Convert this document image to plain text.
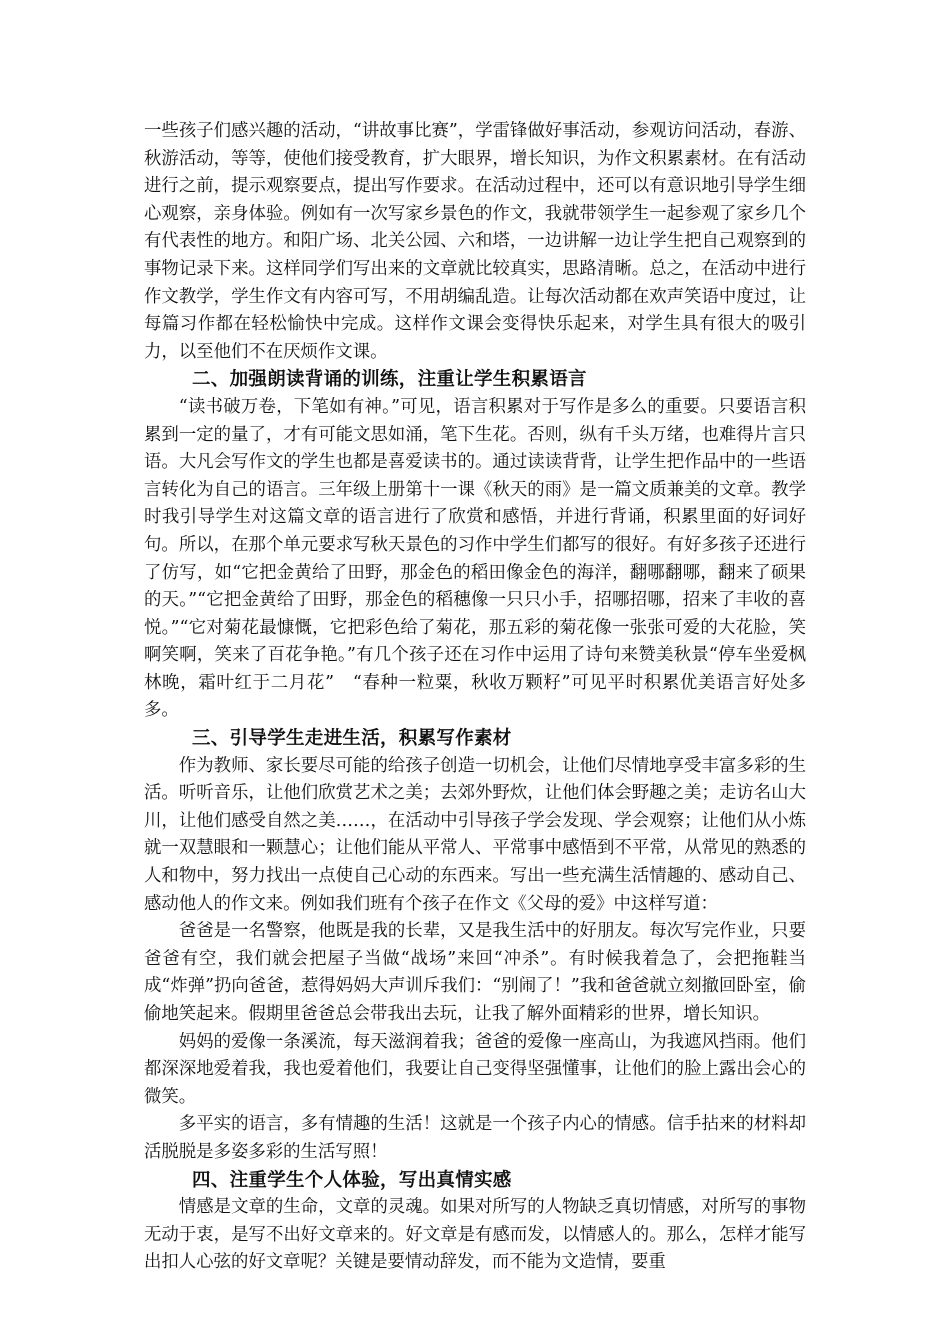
一些孩子们感兴趣的活动，“讲故事比赛”，学雷锋做好事活动，参观访问活动，春游、秋游活动，等等，使他们接受教育，扩大眼界，增长知识，为作文积累素材。在有活动进行之前，提示观察要点，提出写作要求。在活动过程中，还可以有意识地引导学生细心观察，亲身体验。例如有一次写家乡景色的作文，我就带领学生一起参观了家乡几个有代表性的地方。和阳广场、北关公园、六和塔，一边讲解一边让学生把自己观察到的事物记录下来。这样同学们写出来的文章就比较真实，思路清晰。总之，在活动中进行作文教学，学生作文有内容可写，不用胡编乱造。让每次活动都在欢声笑语中度过，让每篇习作都在轻松愉快中完成。这样作文课会变得快乐起来，对学生具有很大的吸引力，以至他们不在厌烦作文课。

二、加强朗读背诵的训练，注重让学生积累语言

“读书破万卷，下笔如有神。”可见，语言积累对于写作是多么的重要。只要语言积累到一定的量了，才有可能文思如涌，笔下生花。否则，纵有千头万绪，也难得片言只语。大凡会写作文的学生也都是喜爱读书的。通过读读背背，让学生把作品中的一些语言转化为自己的语言。三年级上册第十一课《秋天的雨》是一篇文质兼美的文章。教学时我引导学生对这篇文章的语言进行了欣赏和感悟，并进行背诵，积累里面的好词好句。所以，在那个单元要求写秋天景色的习作中学生们都写的很好。有好多孩子还进行了仿写，如“它把金黄给了田野，那金色的稻田像金色的海洋，翻哪翻哪，翻来了硕果的天。”“它把金黄给了田野，那金色的稻穗像一只只小手，招哪招哪，招来了丰收的喜悦。”“它对菊花最慷慨，它把彩色给了菊花，那五彩的菊花像一张张可爱的大花脸，笑啊笑啊，笑来了百花争艳。”有几个孩子还在习作中运用了诗句来赞美秋景“停车坐爱枫林晚，霜叶红于二月花”　“春种一粒粟，秋收万颗籽”可见平时积累优美语言好处多多。

三、引导学生走进生活，积累写作素材

作为教师、家长要尽可能的给孩子创造一切机会，让他们尽情地享受丰富多彩的生活。听听音乐，让他们欣赏艺术之美；去郊外野炊，让他们体会野趣之美；走访名山大川，让他们感受自然之美……，在活动中引导孩子学会发现、学会观察；让他们从小炼就一双慧眼和一颗慧心；让他们能从平常人、平常事中感悟到不平常，从常见的熟悉的人和物中，努力找出一点使自己心动的东西来。写出一些充满生活情趣的、感动自己、感动他人的作文来。例如我们班有个孩子在作文《父母的爱》中这样写道：

爸爸是一名警察，他既是我的长辈，又是我生活中的好朋友。每次写完作业，只要爸爸有空，我们就会把屋子当做“战场”来回“冲杀”。有时候我着急了，会把拖鞋当成“炸弹”扔向爸爸，惹得妈妈大声训斥我们：“别闹了！”我和爸爸就立刻撤回卧室，偷偷地笑起来。假期里爸爸总会带我出去玩，让我了解外面精彩的世界，增长知识。

妈妈的爱像一条溪流，每天滋润着我；爸爸的爱像一座高山，为我遮风挡雨。他们都深深地爱着我，我也爱着他们，我要让自己变得坚强懂事，让他们的脸上露出会心的微笑。

多平实的语言，多有情趣的生活！这就是一个孩子内心的情感。信手拈来的材料却活脱脱是多姿多彩的生活写照！

四、注重学生个人体验，写出真情实感

情感是文章的生命，文章的灵魂。如果对所写的人物缺乏真切情感，对所写的事物无动于衷，是写不出好文章来的。好文章是有感而发，以情感人的。那么，怎样才能写出扣人心弦的好文章呢？关键是要情动辞发，而不能为文造情，要重
